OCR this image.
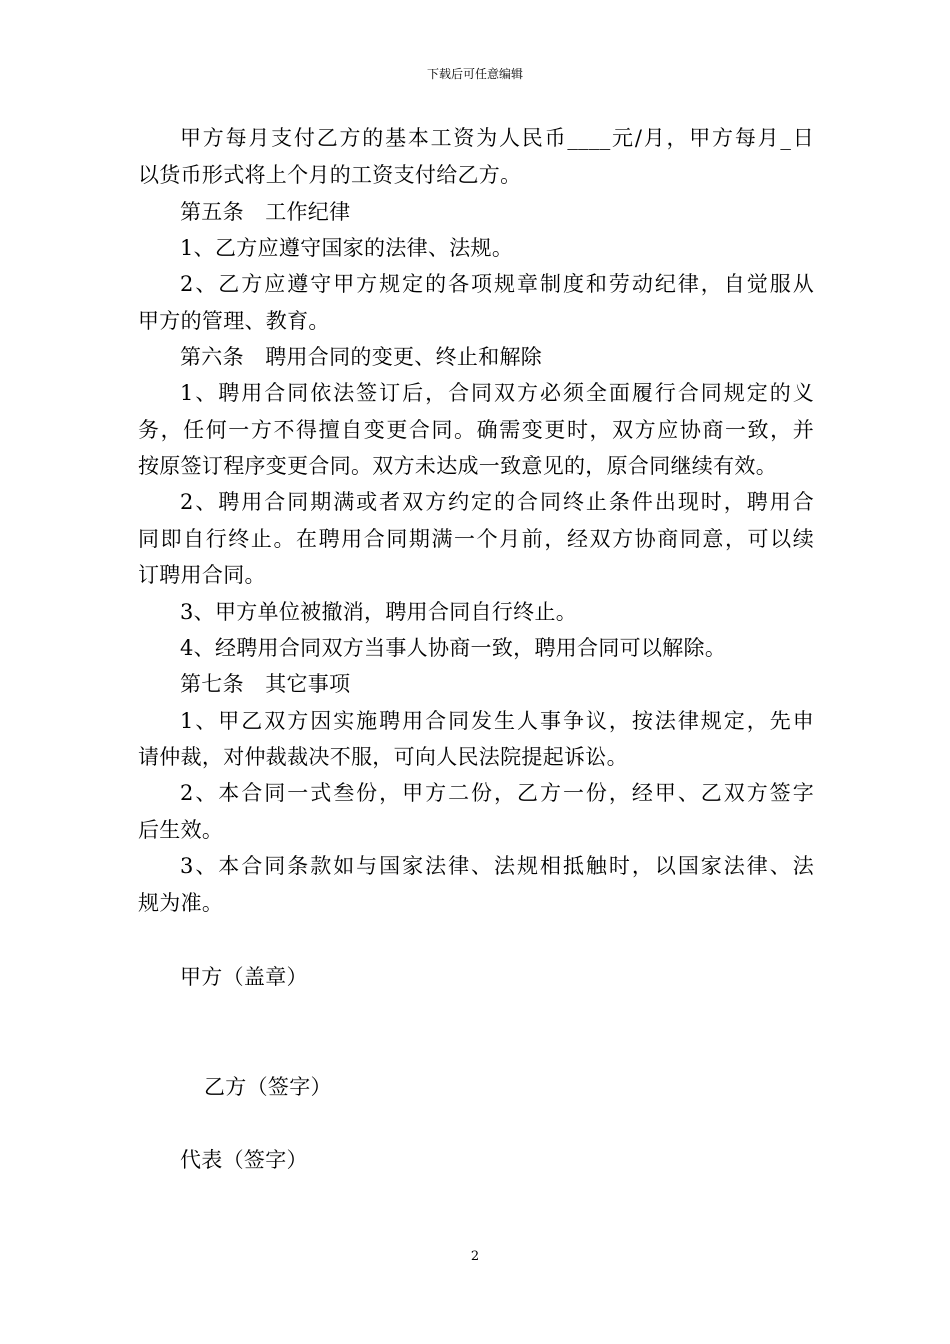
下载后可任意编辑
甲方每月支付乙方的基本工资为人民币____元/月，甲方每月_日
以货币形式将上个月的工资支付给乙方。
第五条　工作纪律
1、乙方应遵守国家的法律、法规。
2、乙方应遵守甲方规定的各项规章制度和劳动纪律，自觉服从
甲方的管理、教育。
第六条　聘用合同的变更、终止和解除
1、聘用合同依法签订后，合同双方必须全面履行合同规定的义
务，任何一方不得擅自变更合同。确需变更时，双方应协商一致，并
按原签订程序变更合同。双方未达成一致意见的，原合同继续有效。
2、聘用合同期满或者双方约定的合同终止条件出现时，聘用合
同即自行终止。在聘用合同期满一个月前，经双方协商同意，可以续
订聘用合同。
3、甲方单位被撤消，聘用合同自行终止。
4、经聘用合同双方当事人协商一致，聘用合同可以解除。
第七条　其它事项
1、甲乙双方因实施聘用合同发生人事争议，按法律规定，先申
请仲裁，对仲裁裁决不服，可向人民法院提起诉讼。
2、本合同一式叁份，甲方二份，乙方一份，经甲、乙双方签字
后生效。
3、本合同条款如与国家法律、法规相抵触时，以国家法律、法
规为准。
甲方（盖章）
乙方（签字）
代表（签字）
2
